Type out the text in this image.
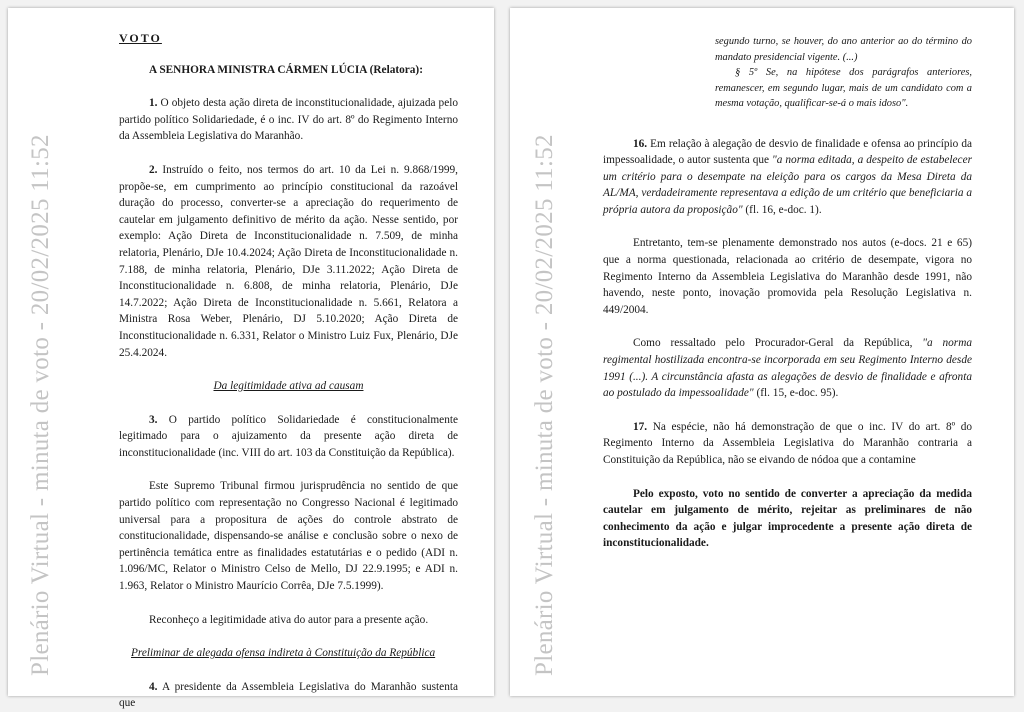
Plenário Virtual - minuta de voto - 20/02/2025 11:52
VOTO

A SENHORA MINISTRA CÁRMEN LÚCIA (Relatora):

1. O objeto desta ação direta de inconstitucionalidade, ajuizada pelo partido político Solidariedade, é o inc. IV do art. 8º do Regimento Interno da Assembleia Legislativa do Maranhão.

2. Instruído o feito, nos termos do art. 10 da Lei n. 9.868/1999, propõe-se, em cumprimento ao princípio constitucional da razoável duração do processo, converter-se a apreciação do requerimento de cautelar em julgamento definitivo de mérito da ação. Nesse sentido, por exemplo: Ação Direta de Inconstitucionalidade n. 7.509, de minha relatoria, Plenário, DJe 10.4.2024; Ação Direta de Inconstitucionalidade n. 7.188, de minha relatoria, Plenário, DJe 3.11.2022; Ação Direta de Inconstitucionalidade n. 6.808, de minha relatoria, Plenário, DJe 14.7.2022; Ação Direta de Inconstitucionalidade n. 5.661, Relatora a Ministra Rosa Weber, Plenário, DJ 5.10.2020; Ação Direta de Inconstitucionalidade n. 6.331, Relator o Ministro Luiz Fux, Plenário, DJe 25.4.2024.

Da legitimidade ativa ad causam

3. O partido político Solidariedade é constitucionalmente legitimado para o ajuizamento da presente ação direta de inconstitucionalidade (inc. VIII do art. 103 da Constituição da República).

Este Supremo Tribunal firmou jurisprudência no sentido de que partido político com representação no Congresso Nacional é legitimado universal para a propositura de ações do controle abstrato de constitucionalidade, dispensando-se análise e conclusão sobre o nexo de pertinência temática entre as finalidades estatutárias e o pedido (ADI n. 1.096/MC, Relator o Ministro Celso de Mello, DJ 22.9.1995; e ADI n. 1.963, Relator o Ministro Maurício Corrêa, DJe 7.5.1999).

Reconheço a legitimidade ativa do autor para a presente ação.

Preliminar de alegada ofensa indireta à Constituição da República

4. A presidente da Assembleia Legislativa do Maranhão sustenta que

Plenário Virtual - minuta de voto - 20/02/2025 11:52

segundo turno, se houver, do ano anterior ao do término do mandato presidencial vigente. (...)

§ 5º Se, na hipótese dos parágrafos anteriores, remanescer, em segundo lugar, mais de um candidato com a mesma votação, qualificar-se-á o mais idoso".

16. Em relação à alegação de desvio de finalidade e ofensa ao princípio da impessoalidade, o autor sustenta que "a norma editada, a despeito de estabelecer um critério para o desempate na eleição para os cargos da Mesa Direta da AL/MA, verdadeiramente representava a edição de um critério que beneficiaria a própria autora da proposição" (fl. 16, e-doc. 1).

Entretanto, tem-se plenamente demonstrado nos autos (e-docs. 21 e 65) que a norma questionada, relacionada ao critério de desempate, vigora no Regimento Interno da Assembleia Legislativa do Maranhão desde 1991, não havendo, neste ponto, inovação promovida pela Resolução Legislativa n. 449/2004.

Como ressaltado pelo Procurador-Geral da República, "a norma regimental hostilizada encontra-se incorporada em seu Regimento Interno desde 1991 (...). A circunstância afasta as alegações de desvio de finalidade e afronta ao postulado da impessoalidade" (fl. 15, e-doc. 95).

17. Na espécie, não há demonstração de que o inc. IV do art. 8º do Regimento Interno da Assembleia Legislativa do Maranhão contraria a Constituição da República, não se eivando de nódoa que a contamine

Pelo exposto, voto no sentido de converter a apreciação da medida cautelar em julgamento de mérito, rejeitar as preliminares de não conhecimento da ação e julgar improcedente a presente ação direta de inconstitucionalidade.
